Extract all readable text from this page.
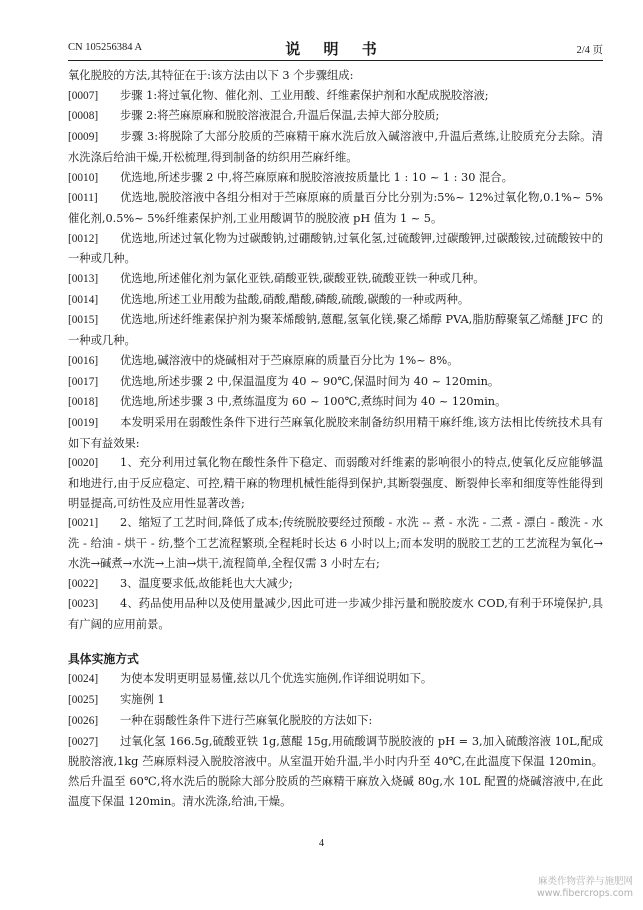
CN 105256384 A	说 明 书	2/4 页
氧化脱胶的方法,其特征在于:该方法由以下 3 个步骤组成:
[0007] 步骤 1:将过氧化物、催化剂、工业用酸、纤维素保护剂和水配成脱胶溶液;
[0008] 步骤 2:将苎麻原麻和脱胶溶液混合,升温后保温,去掉大部分胶质;
[0009] 步骤 3:将脱除了大部分胶质的苎麻精干麻水洗后放入碱溶液中,升温后煮练,让胶质充分去除。清水洗涤后给油干燥,开松梳理,得到制备的纺织用苎麻纤维。
[0010] 优选地,所述步骤 2 中,将苎麻原麻和脱胶溶液按质量比 1 : 10 ~ 1 : 30 混合。
[0011] 优选地,脱胶溶液中各组分相对于苎麻原麻的质量百分比分别为:5%~ 12%过氧化物,0.1%~ 5%催化剂,0.5%~ 5%纤维素保护剂,工业用酸调节的脱胶液 pH 值为 1 ~ 5。
[0012] 优选地,所述过氧化物为过碳酸钠,过硼酸钠,过氧化氢,过硫酸钾,过碳酸钾,过碳酸铵,过硫酸铵中的一种或几种。
[0013] 优选地,所述催化剂为氯化亚铁,硝酸亚铁,碳酸亚铁,硫酸亚铁一种或几种。
[0014] 优选地,所述工业用酸为盐酸,硝酸,醋酸,磷酸,硫酸,碳酸的一种或两种。
[0015] 优选地,所述纤维素保护剂为聚苯烯酸钠,蒽醌,氢氧化镁,聚乙烯醇 PVA,脂肪醇聚氧乙烯醚 JFC 的一种或几种。
[0016] 优选地,碱溶液中的烧碱相对于苎麻原麻的质量百分比为 1%~ 8%。
[0017] 优选地,所述步骤 2 中,保温温度为 40 ~ 90℃,保温时间为 40 ~ 120min。
[0018] 优选地,所述步骤 3 中,煮练温度为 60 ~ 100℃,煮练时间为 40 ~ 120min。
[0019] 本发明采用在弱酸性条件下进行苎麻氧化脱胶来制备纺织用精干麻纤维,该方法相比传统技术具有如下有益效果:
[0020] 1、充分利用过氧化物在酸性条件下稳定、而弱酸对纤维素的影响很小的特点,使氧化反应能够温和地进行,由于反应稳定、可控,精干麻的物理机械性能得到保护,其断裂强度、断裂伸长率和细度等性能得到明显提高,可纺性及应用性显著改善;
[0021] 2、缩短了工艺时间,降低了成本;传统脱胶要经过预酸 - 水洗 -- 煮 - 水洗 - 二煮 - 漂白 - 酸洗 - 水洗 - 给油 - 烘干 - 纺,整个工艺流程繁琐,全程耗时长达 6 小时以上;而本发明的脱胶工艺的工艺流程为氧化→水洗→碱煮→水洗→上油→烘干,流程简单,全程仅需 3 小时左右;
[0022] 3、温度要求低,故能耗也大大减少;
[0023] 4、药品使用品种以及使用量减少,因此可进一步减少排污量和脱胶废水 COD,有利于环境保护,具有广阔的应用前景。
具体实施方式
[0024] 为使本发明更明显易懂,兹以几个优选实施例,作详细说明如下。
[0025] 实施例 1
[0026] 一种在弱酸性条件下进行苎麻氧化脱胶的方法如下:
[0027] 过氧化氢 166.5g,硫酸亚铁 1g,蒽醌 15g,用硫酸调节脱胶液的 pH = 3,加入硫酸溶液 10L,配成脱胶溶液,1kg 苎麻原料浸入脱胶溶液中。从室温开始升温,半小时内升至 40℃,在此温度下保温 120min。然后升温至 60℃,将水洗后的脱除大部分胶质的苎麻精干麻放入烧碱 80g,水 10L 配置的烧碱溶液中,在此温度下保温 120min。清水洗涤,给油,干燥。
4
麻类作物营养与施肥网
www.fibercrops.com
